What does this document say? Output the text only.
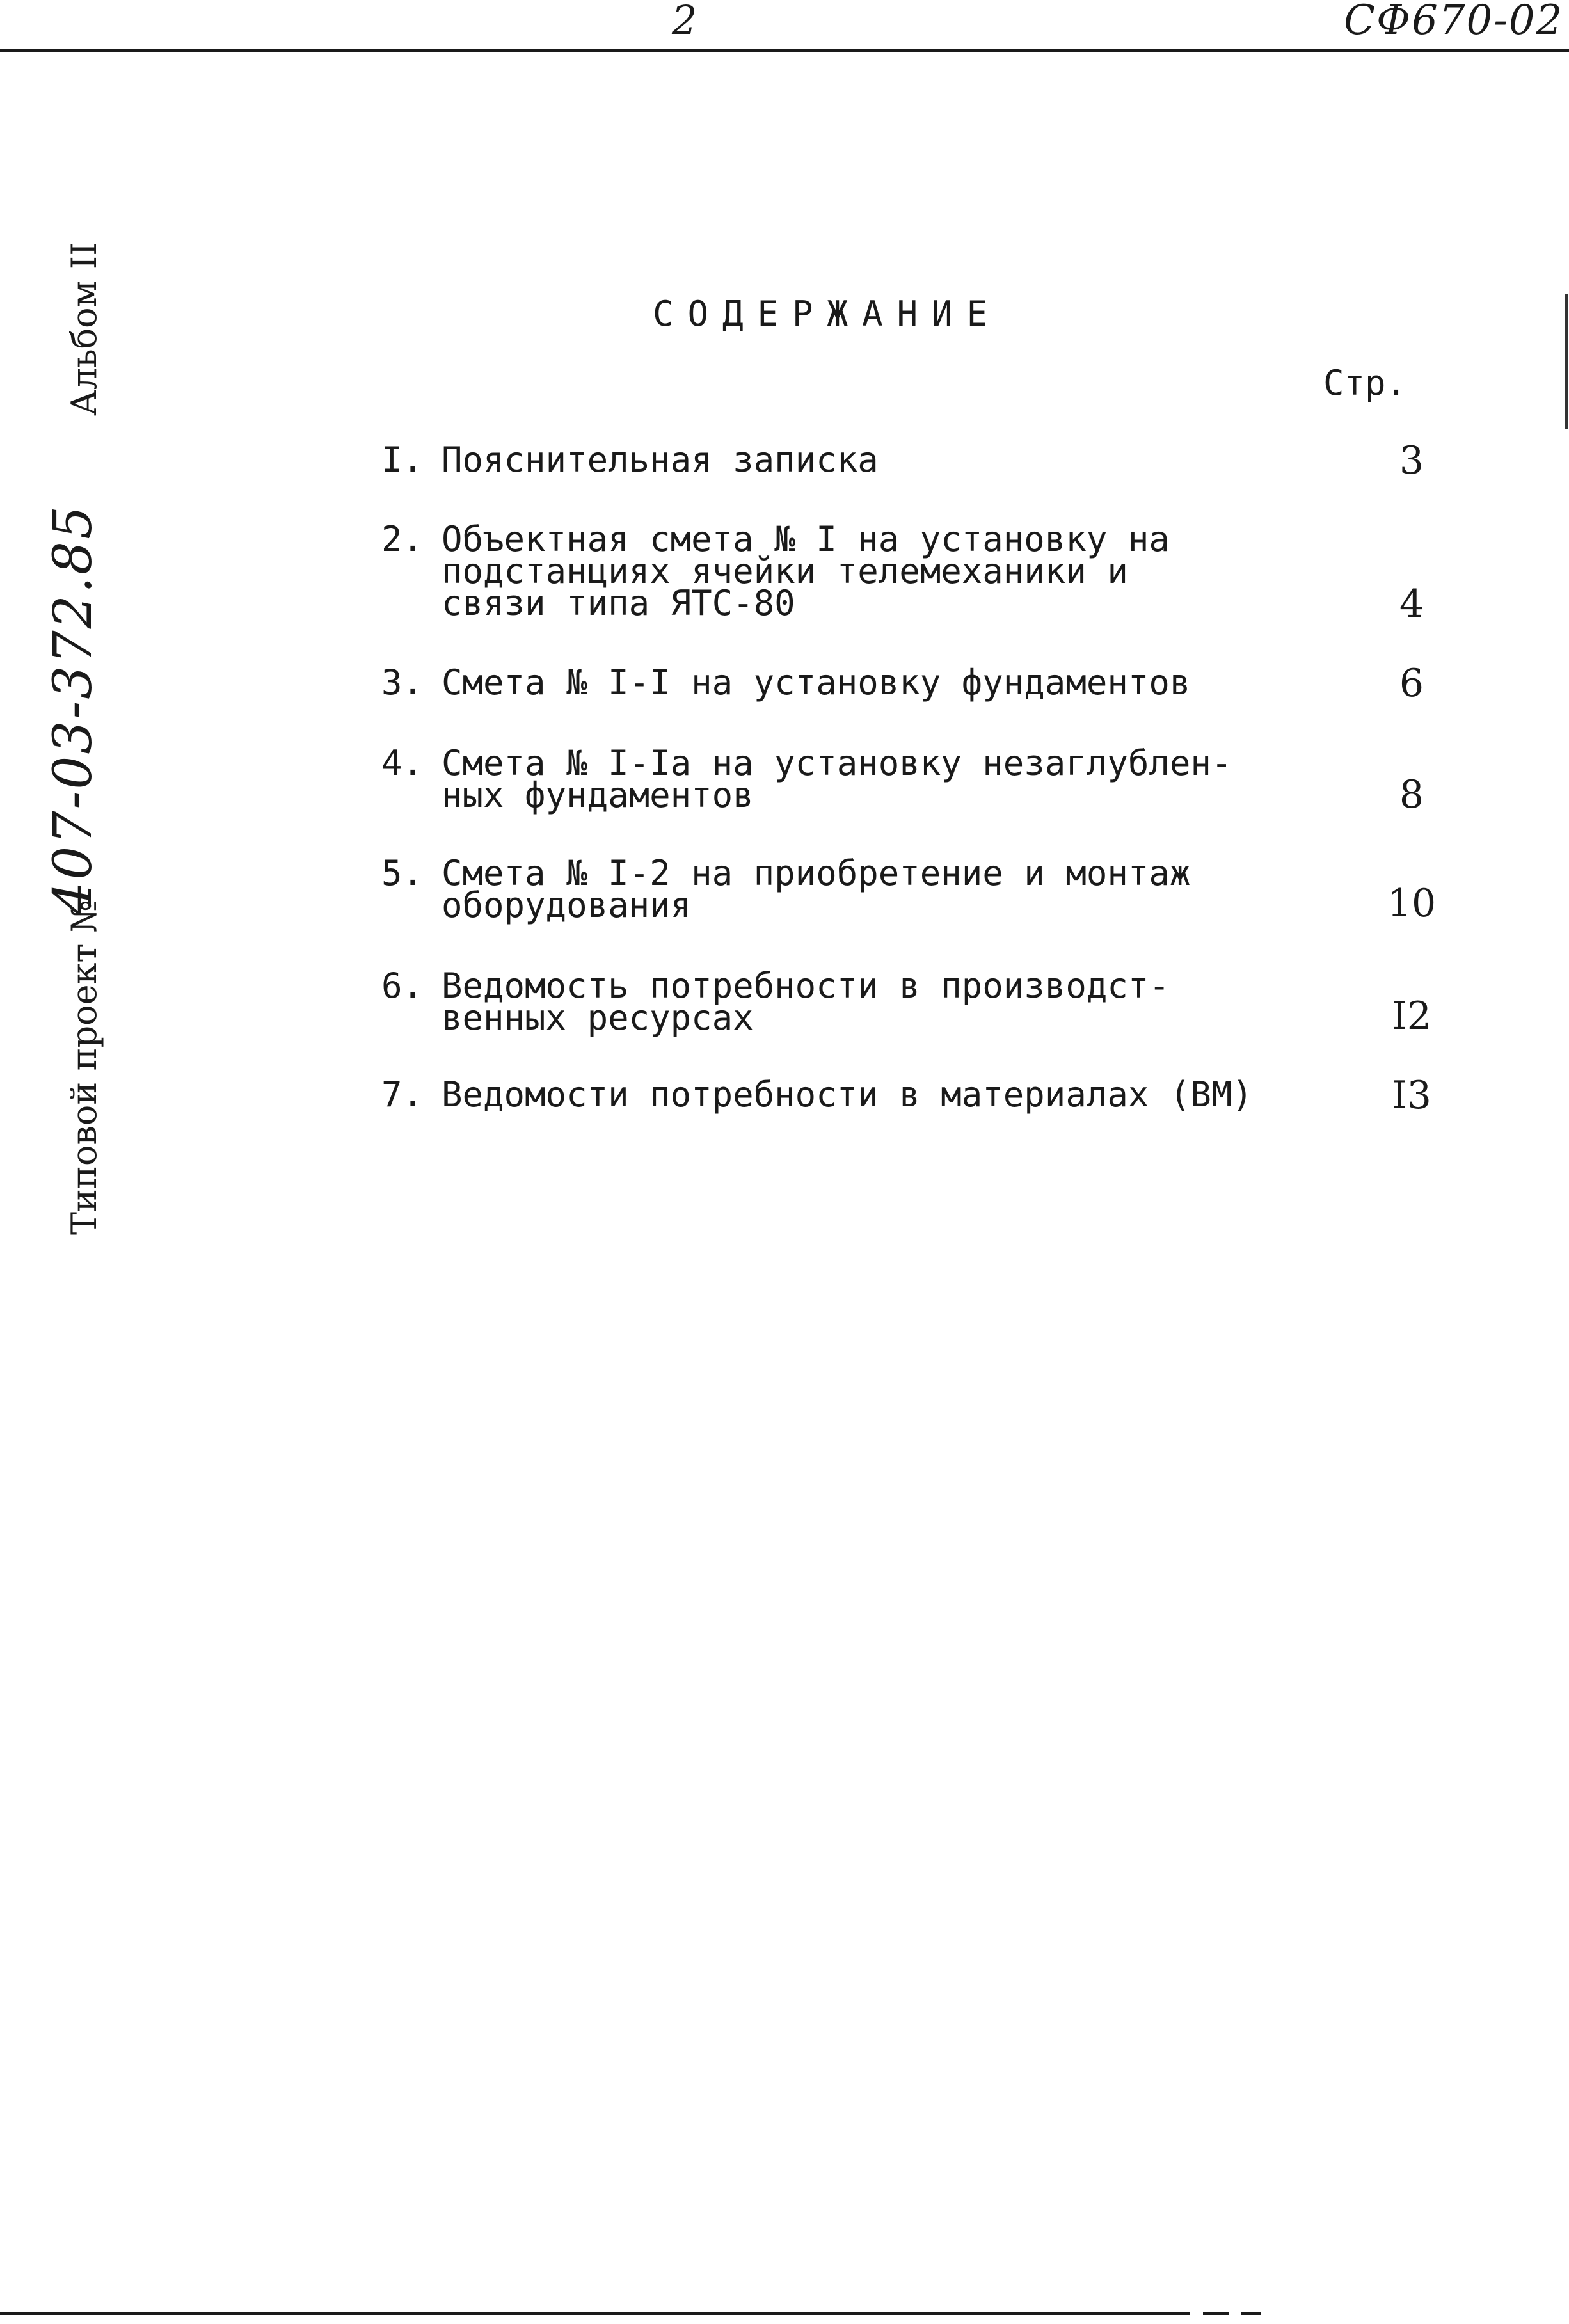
2	СФ670-02
Типовой проект №
407-03-372.85
Альбом II	СОДЕРЖАНИЕ
Стр.
I. Пояснительная записка	3
2. Объектная смета № I на установку на
подстанциях ячейки телемеханики и
связи типа ЯТС-80	4
3. Смета № I-I на установку фундаментов	6
4. Смета № I-Iа на установку незаглублен-
ных фундаментов	8
5. Смета № I-2 на приобретение и монтаж
оборудования	10
6. Ведомость потребности в производст-
венных ресурсах	I2
7. Ведомости потребности в материалах (ВМ)	I3
